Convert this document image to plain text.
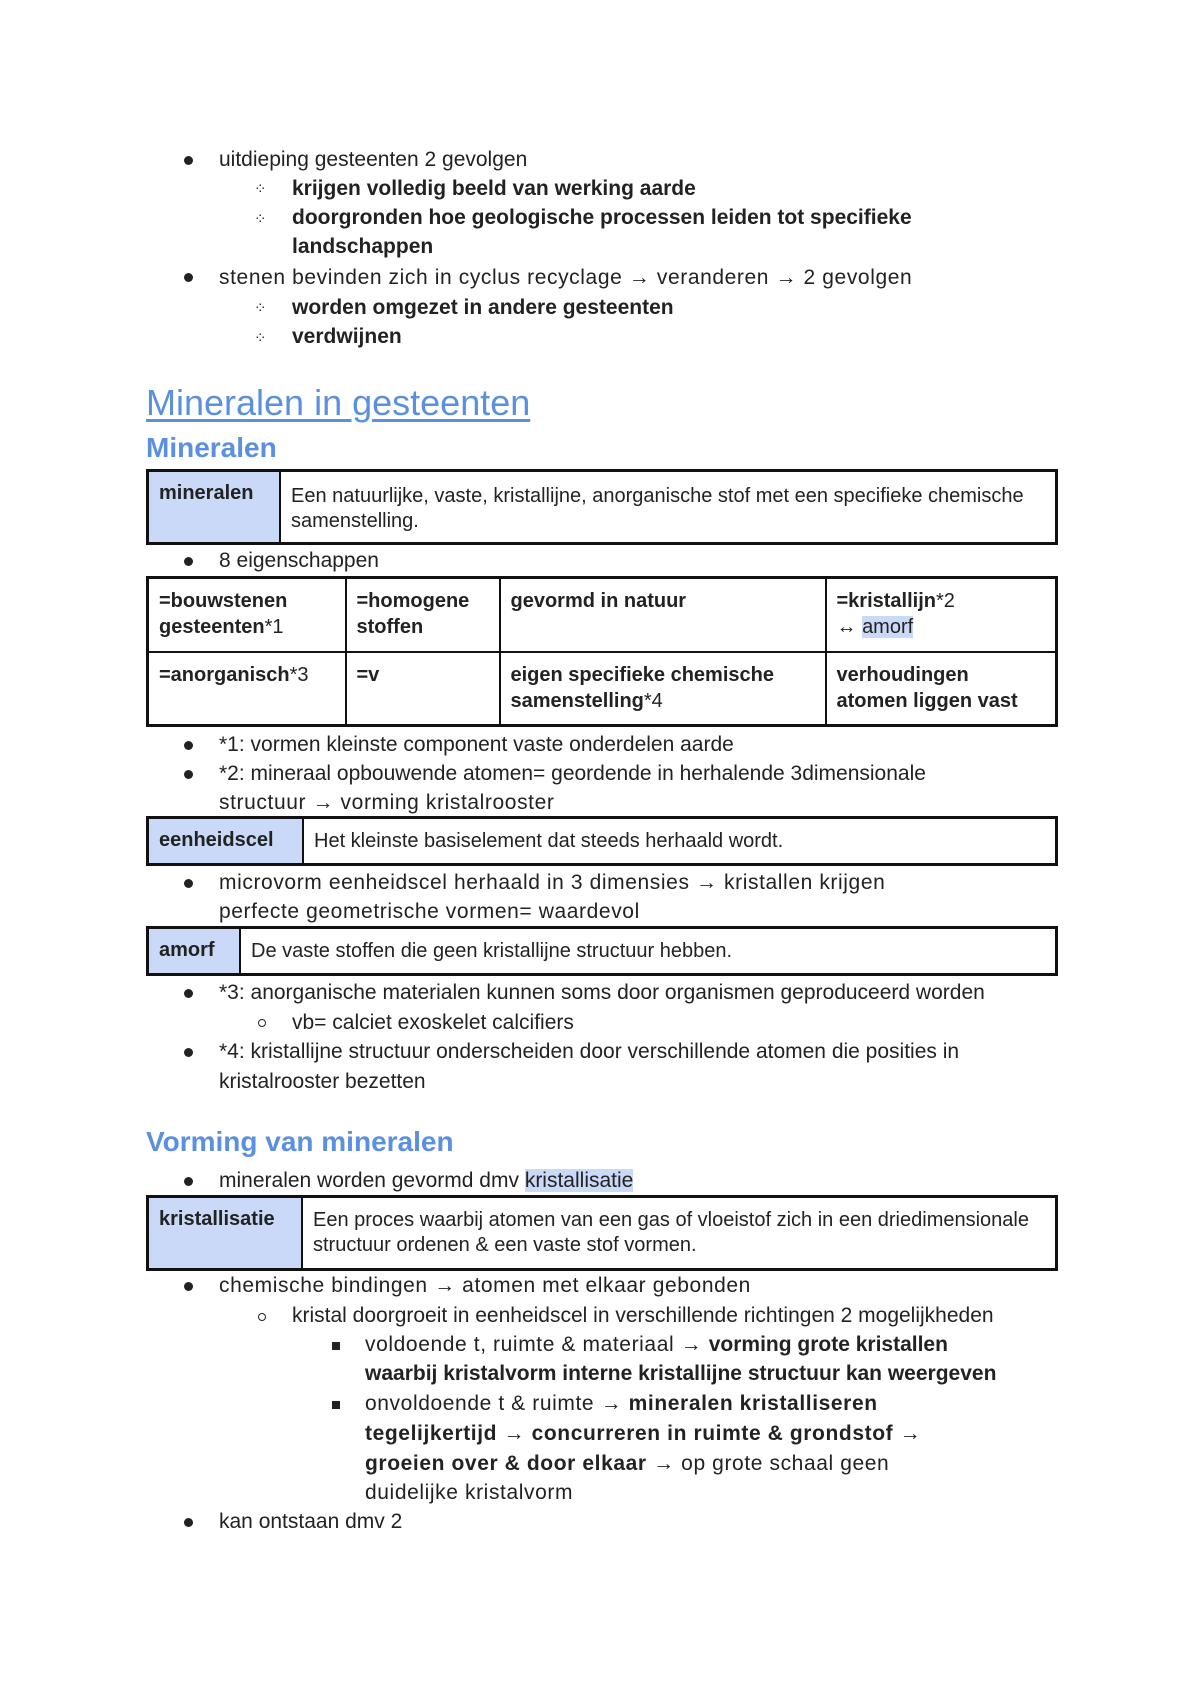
uitdieping gesteenten 2 gevolgen
⁘ krijgen volledig beeld van werking aarde
⁘ doorgronden hoe geologische processen leiden tot specifieke
landschappen
stenen bevinden zich in cyclus recyclage → veranderen → 2 gevolgen
⁘ worden omgezet in andere gesteenten
⁘ verdwijnen
Mineralen in gesteenten
Mineralen
mineralen	Een natuurlijke, vaste, kristallijne, anorganische stof met een specifieke chemische samenstelling.
8 eigenschappen
=bouwstenen gesteenten*1	=homogene stoffen	gevormd in natuur	=kristallijn*2
↔ amorf
=anorganisch*3	=v	eigen specifieke chemische samenstelling*4	verhoudingen atomen liggen vast
*1: vormen kleinste component vaste onderdelen aarde
*2: mineraal opbouwende atomen= geordende in herhalende 3dimensionale
structuur → vorming kristalrooster
eenheidscel	Het kleinste basiselement dat steeds herhaald wordt.
microvorm eenheidscel herhaald in 3 dimensies → kristallen krijgen
perfecte geometrische vormen= waardevol
amorf	De vaste stoffen die geen kristallijne structuur hebben.
*3: anorganische materialen kunnen soms door organismen geproduceerd worden
vb= calciet exoskelet calcifiers
*4: kristallijne structuur onderscheiden door verschillende atomen die posities in
kristalrooster bezetten
Vorming van mineralen
mineralen worden gevormd dmv kristallisatie
kristallisatie	Een proces waarbij atomen van een gas of vloeistof zich in een driedimensionale structuur ordenen & een vaste stof vormen.
chemische bindingen → atomen met elkaar gebonden
kristal doorgroeit in eenheidscel in verschillende richtingen 2 mogelijkheden
voldoende t, ruimte & materiaal → vorming grote kristallen
waarbij kristalvorm interne kristallijne structuur kan weergeven
onvoldoende t & ruimte → mineralen kristalliseren
tegelijkertijd → concurreren in ruimte & grondstof →
groeien over & door elkaar → op grote schaal geen
duidelijke kristalvorm
kan ontstaan dmv 2
